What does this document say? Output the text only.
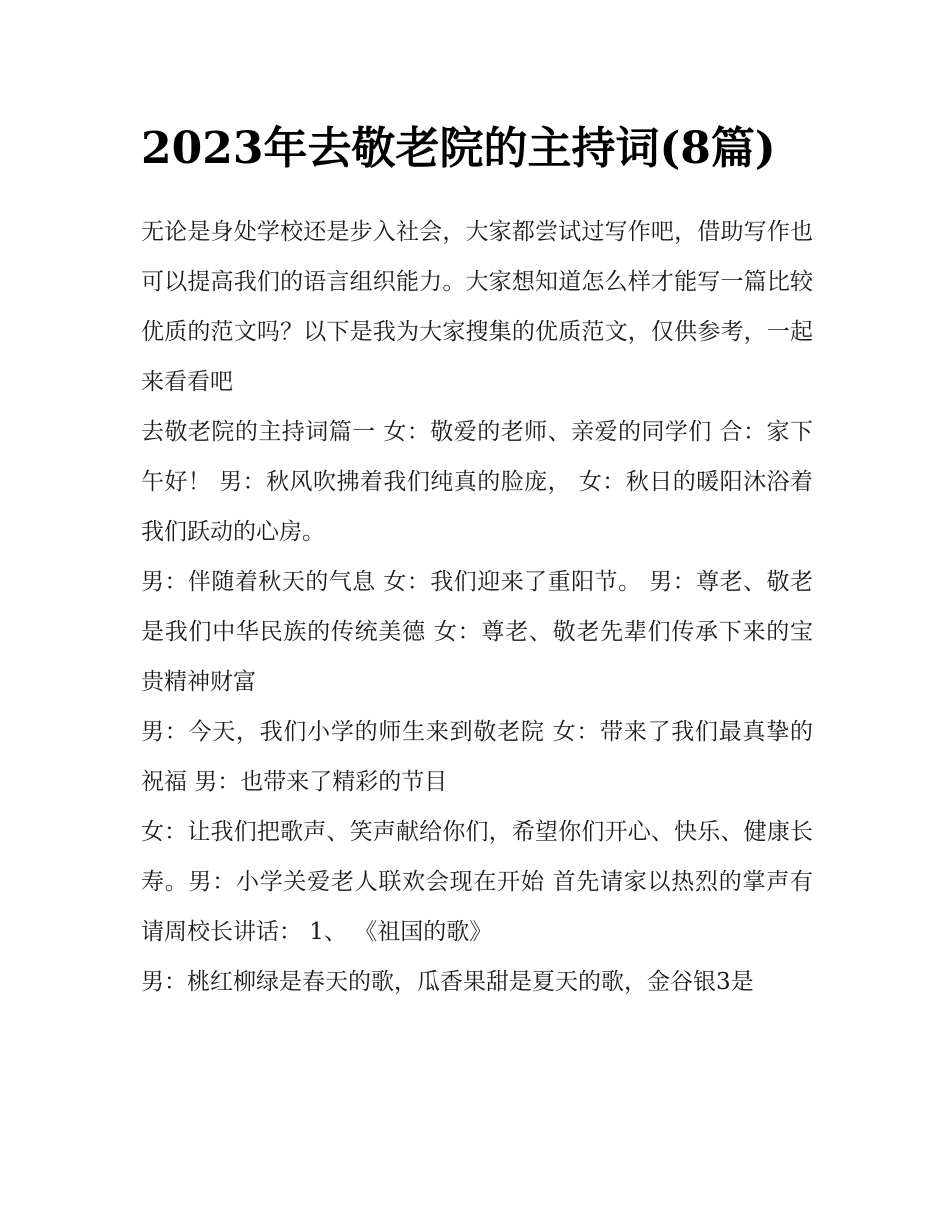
2023年去敬老院的主持词(8篇)

无论是身处学校还是步入社会，大家都尝试过写作吧，借助写作也可以提高我们的语言组织能力。大家想知道怎么样才能写一篇比较优质的范文吗？以下是我为大家搜集的优质范文，仅供参考，一起来看看吧

去敬老院的主持词篇一 女：敬爱的老师、亲爱的同学们 合：家下午好！ 男：秋风吹拂着我们纯真的脸庞， 女：秋日的暖阳沐浴着我们跃动的心房。

男：伴随着秋天的气息 女：我们迎来了重阳节。 男：尊老、敬老是我们中华民族的传统美德 女：尊老、敬老先辈们传承下来的宝贵精神财富

男：今天，我们小学的师生来到敬老院 女：带来了我们最真挚的祝福 男：也带来了精彩的节目

女：让我们把歌声、笑声献给你们，希望你们开心、快乐、健康长寿。男：小学关爱老人联欢会现在开始 首先请家以热烈的掌声有请周校长讲话： 1、 《祖国的歌》

男：桃红柳绿是春天的歌，瓜香果甜是夏天的歌，金谷银3是
